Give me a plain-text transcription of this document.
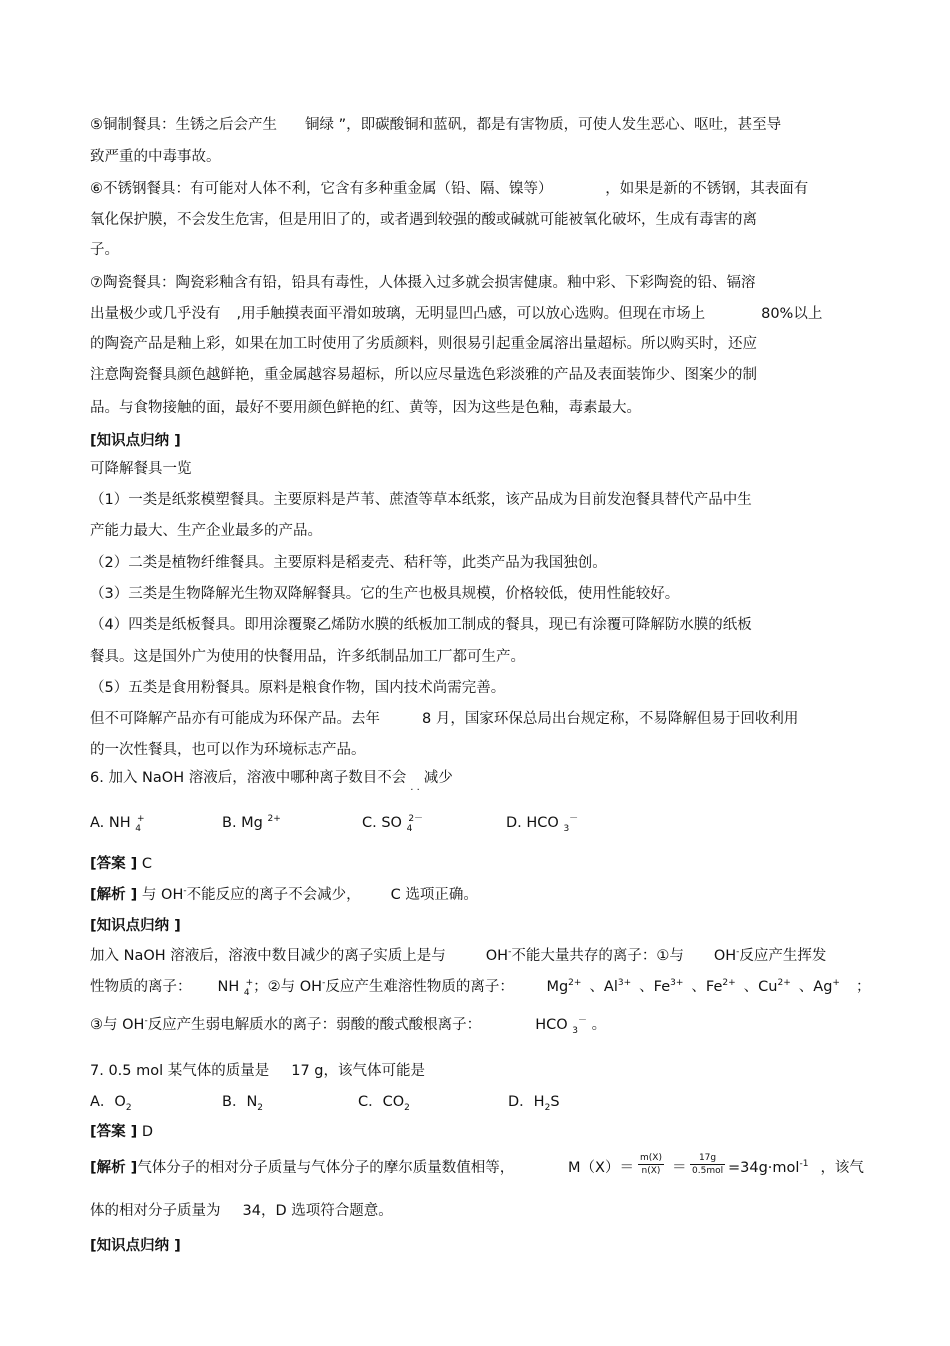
⑤铜制餐具：生锈之后会产生 铜绿 ”，即碳酸铜和蓝矾，都是有害物质，可使人发生恶心、呕吐，甚至导
致严重的中毒事故。
⑥不锈钢餐具：有可能对人体不利，它含有多种重金属（铅、隔、镍等）	，如果是新的不锈钢，其表面有
氧化保护膜，不会发生危害，但是用旧了的，或者遇到较强的酸或碱就可能被氧化破坏，生成有毒害的离
子。
⑦陶瓷餐具：陶瓷彩釉含有铅，铅具有毒性，人体摄入过多就会损害健康。釉中彩、下彩陶瓷的铅、镉溶
出量极少或几乎没有 ,用手触摸表面平滑如玻璃，无明显凹凸感，可以放心选购。但现在市场上	80%以上
的陶瓷产品是釉上彩，如果在加工时使用了劣质颜料，则很易引起重金属溶出量超标。所以购买时，还应
注意陶瓷餐具颜色越鲜艳，重金属越容易超标，所以应尽量选色彩淡雅的产品及表面装饰少、图案少的制
品。与食物接触的面，最好不要用颜色鲜艳的红、黄等，因为这些是色釉，毒素最大。
[知识点归纳 ]
可降解餐具一览
（1）一类是纸浆模塑餐具。主要原料是芦苇、蔗渣等草本纸浆，该产品成为目前发泡餐具替代产品中生
产能力最大、生产企业最多的产品。
（2）二类是植物纤维餐具。主要原料是稻麦壳、秸秆等，此类产品为我国独创。
（3）三类是生物降解光生物双降解餐具。它的生产也极具规模，价格较低，使用性能较好。
（4）四类是纸板餐具。即用涂覆聚乙烯防水膜的纸板加工制成的餐具，现已有涂覆可降解防水膜的纸板
餐具。这是国外广为使用的快餐用品，许多纸制品加工厂都可生产。
（5）五类是食用粉餐具。原料是粮食作物，国内技术尚需完善。
但不可降解产品亦有可能成为环保产品。去年	8 月，国家环保总局出台规定称，不易降解但易于回收利用
的一次性餐具，也可以作为环境标志产品。
6. 加入 NaOH 溶液后，溶液中哪种离子数目不会$_{. .}$减少
A. NH $_4$+	B. Mg $^{2+}$	C. SO $_4^{2-}$	D. HCO $_3$－
[答案 ] C
[解析 ] 与 OH-不能反应的离子不会减少， C 选项正确。
[知识点归纳 ]
加入 NaOH 溶液后，溶液中数目减少的离子实质上是与	OH-不能大量共存的离子：①与 OH-反应产生挥发
性物质的离子： NH $_4$+；②与 OH-反应产生难溶性物质的离子： $Mg^{2+}$ 、$Al^{3+}$ 、$Fe^{3+}$ 、$Fe^{2+}$ 、$Cu^{2+}$ 、Ag+ ；
③与 OH-反应产生弱电解质水的离子：弱酸的酸式酸根离子：	HCO $_3$－ 。
7. 0.5 mol 某气体的质量是 17 g，该气体可能是
A．$O_2$	B．$N_2$	C．$CO_2$	D．$H_2S$
[答案 ] D
[解析 ]气体分子的相对分子质量与气体分子的摩尔质量数值相等，	$M(X)= \frac{m(X)}{n(X)}$ ＝
17g
0.5mol =34g·mol$^{-1}$ ，该气
体的相对分子质量为 34，D 选项符合题意。
[知识点归纳 ]
